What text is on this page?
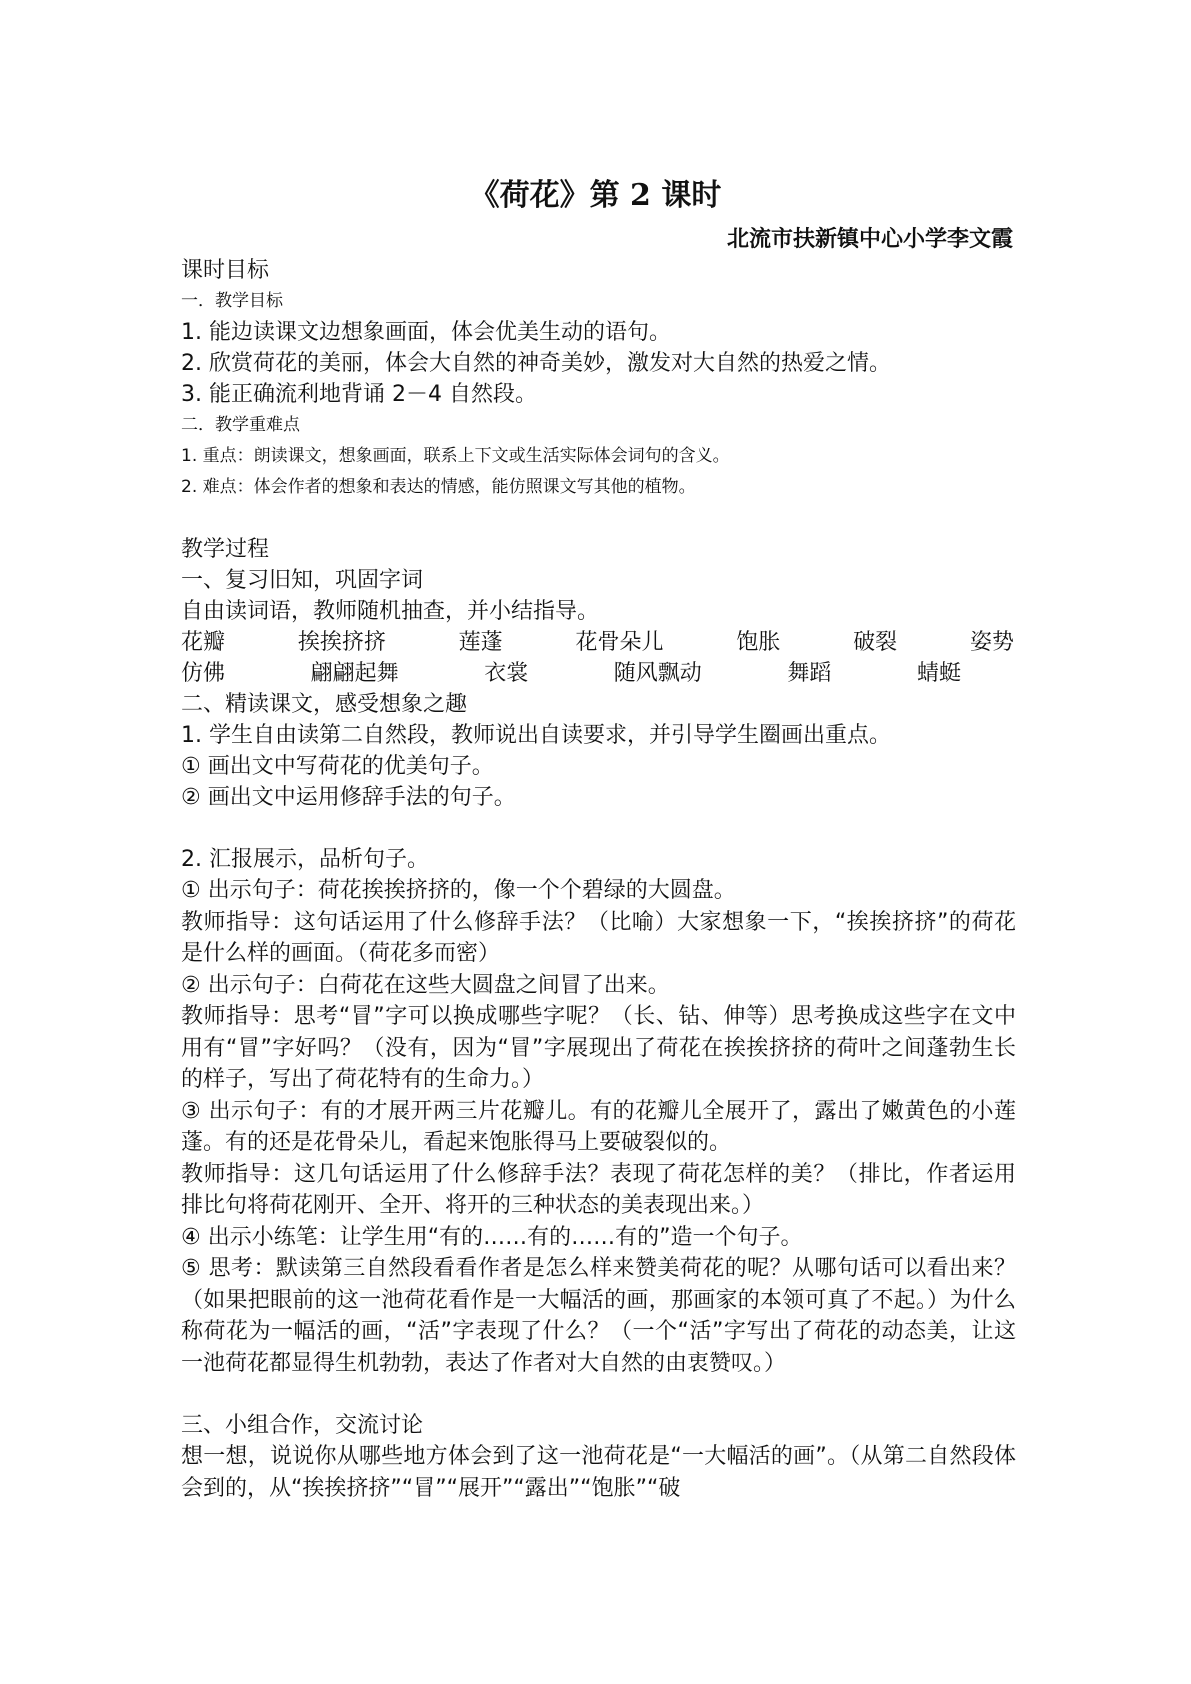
《荷花》第 2 课时
北流市扶新镇中心小学李文霞
课时目标
一．教学目标
1. 能边读课文边想象画面，体会优美生动的语句。
2. 欣赏荷花的美丽，体会大自然的神奇美妙，激发对大自然的热爱之情。
3. 能正确流利地背诵 2－4 自然段。
二．教学重难点
1. 重点：朗读课文，想象画面，联系上下文或生活实际体会词句的含义。
2. 难点：体会作者的想象和表达的情感，能仿照课文写其他的植物。
教学过程
一、复习旧知，巩固字词
自由读词语，教师随机抽查，并小结指导。
花瓣	挨挨挤挤	莲蓬	花骨朵儿	饱胀	破裂	姿势
仿佛	翩翩起舞	衣裳	随风飘动	舞蹈	蜻蜓
二、精读课文，感受想象之趣
1. 学生自由读第二自然段，教师说出自读要求，并引导学生圈画出重点。
① 画出文中写荷花的优美句子。
② 画出文中运用修辞手法的句子。
2. 汇报展示，品析句子。
① 出示句子：荷花挨挨挤挤的，像一个个碧绿的大圆盘。
教师指导：这句话运用了什么修辞手法？（比喻）大家想象一下，“挨挨挤挤”的荷花是什么样的画面。（荷花多而密）
② 出示句子：白荷花在这些大圆盘之间冒了出来。
教师指导：思考“冒”字可以换成哪些字呢？（长、钻、伸等）思考换成这些字在文中用有“冒”字好吗？（没有，因为“冒”字展现出了荷花在挨挨挤挤的荷叶之间蓬勃生长的样子，写出了荷花特有的生命力。）
③ 出示句子：有的才展开两三片花瓣儿。有的花瓣儿全展开了，露出了嫩黄色的小莲蓬。有的还是花骨朵儿，看起来饱胀得马上要破裂似的。
教师指导：这几句话运用了什么修辞手法？表现了荷花怎样的美？（排比，作者运用排比句将荷花刚开、全开、将开的三种状态的美表现出来。）
④ 出示小练笔：让学生用“有的……有的……有的”造一个句子。
⑤ 思考：默读第三自然段看看作者是怎么样来赞美荷花的呢？从哪句话可以看出来？（如果把眼前的这一池荷花看作是一大幅活的画，那画家的本领可真了不起。）为什么称荷花为一幅活的画，“活”字表现了什么？（一个“活”字写出了荷花的动态美，让这一池荷花都显得生机勃勃，表达了作者对大自然的由衷赞叹。）
三、小组合作，交流讨论
想一想，说说你从哪些地方体会到了这一池荷花是“一大幅活的画”。（从第二自然段体会到的，从“挨挨挤挤”“冒”“展开”“露出”“饱胀”“破
